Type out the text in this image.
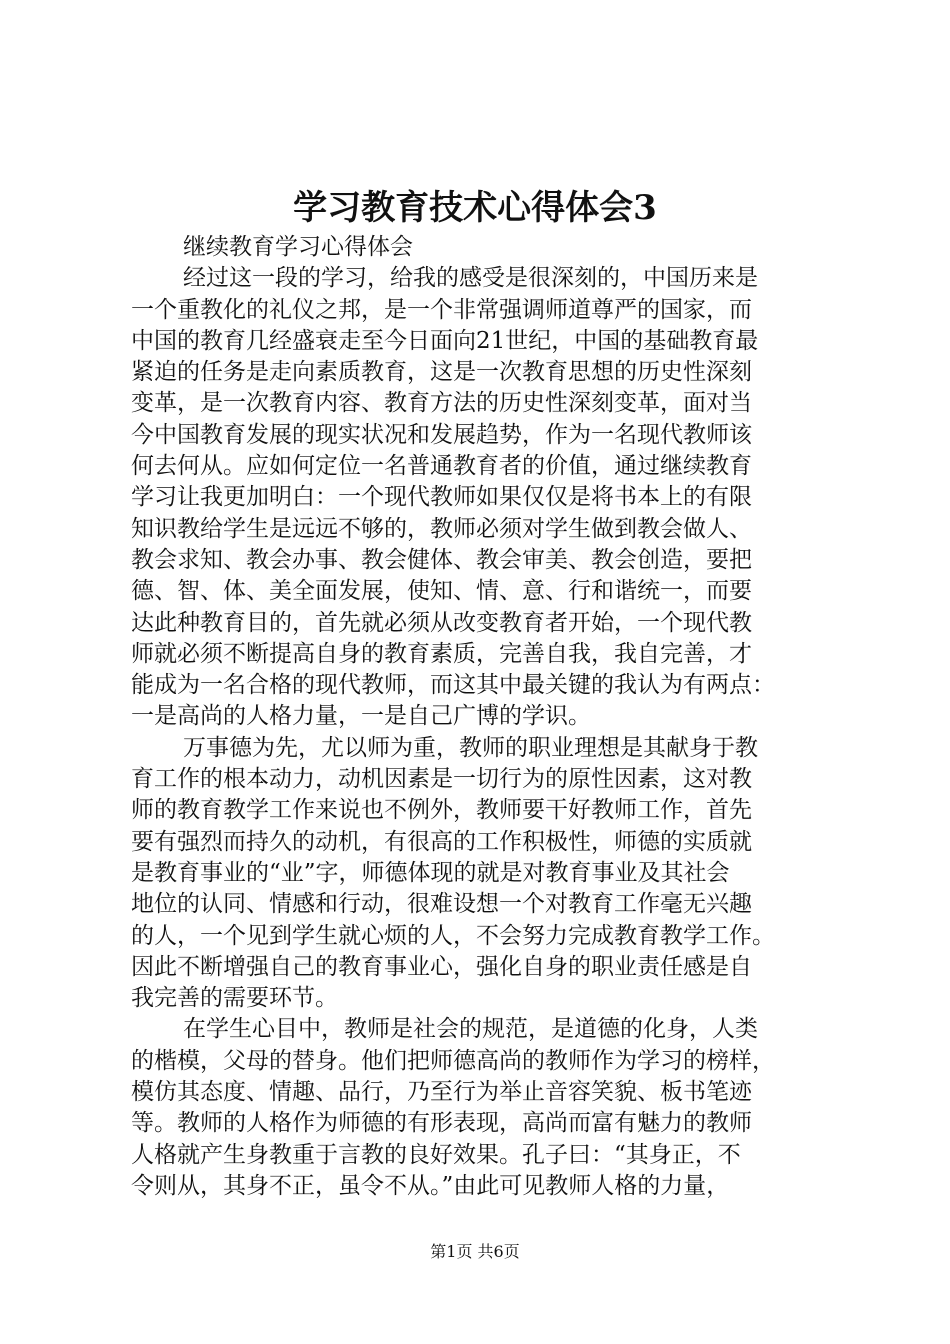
学习教育技术心得体会3
继续教育学习心得体会
经过这一段的学习，给我的感受是很深刻的，中国历来是
一个重教化的礼仪之邦，是一个非常强调师道尊严的国家，而
中国的教育几经盛衰走至今日面向21世纪，中国的基础教育最
紧迫的任务是走向素质教育，这是一次教育思想的历史性深刻
变革，是一次教育内容、教育方法的历史性深刻变革，面对当
今中国教育发展的现实状况和发展趋势，作为一名现代教师该
何去何从。应如何定位一名普通教育者的价值，通过继续教育
学习让我更加明白：一个现代教师如果仅仅是将书本上的有限
知识教给学生是远远不够的，教师必须对学生做到教会做人、
教会求知、教会办事、教会健体、教会审美、教会创造，要把
德、智、体、美全面发展，使知、情、意、行和谐统一，而要
达此种教育目的，首先就必须从改变教育者开始，一个现代教
师就必须不断提高自身的教育素质，完善自我，我自完善，才
能成为一名合格的现代教师，而这其中最关键的我认为有两点：
一是高尚的人格力量，一是自己广博的学识。
万事德为先，尤以师为重，教师的职业理想是其献身于教
育工作的根本动力，动机因素是一切行为的原性因素，这对教
师的教育教学工作来说也不例外，教师要干好教师工作，首先
要有强烈而持久的动机，有很高的工作积极性，师德的实质就
是教育事业的“业”字，师德体现的就是对教育事业及其社会
地位的认同、情感和行动，很难设想一个对教育工作毫无兴趣
的人，一个见到学生就心烦的人，不会努力完成教育教学工作。
因此不断增强自己的教育事业心，强化自身的职业责任感是自
我完善的需要环节。
在学生心目中，教师是社会的规范，是道德的化身，人类
的楷模，父母的替身。他们把师德高尚的教师作为学习的榜样，
模仿其态度、情趣、品行，乃至行为举止音容笑貌、板书笔迹
等。教师的人格作为师德的有形表现，高尚而富有魅力的教师
人格就产生身教重于言教的良好效果。孔子曰：“其身正，不
令则从，其身不正，虽令不从。”由此可见教师人格的力量，
第1页 共6页
